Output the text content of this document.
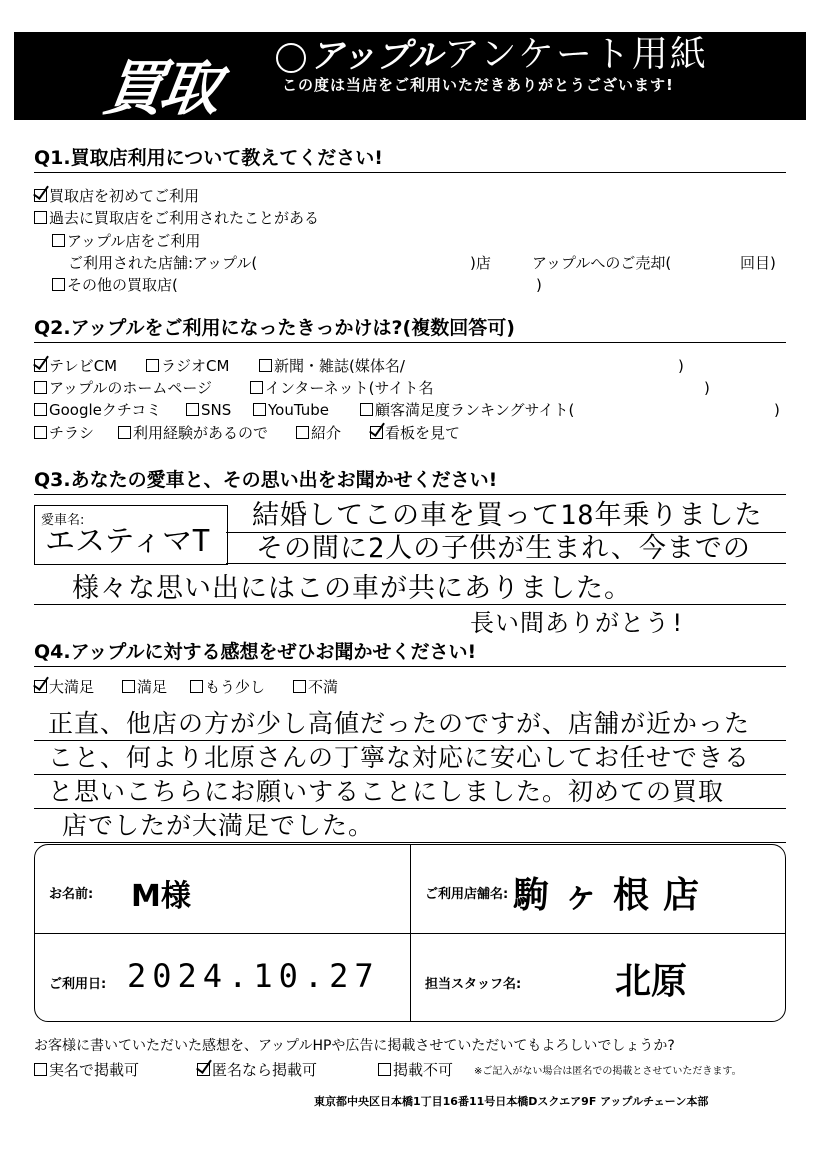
買取	アップル アンケート用紙
この度は当店をご利用いただきありがとうございます!
Q1.買取店利用について教えてください!
買取店を初めてご利用
過去に買取店をご利用されたことがある
アップル店をご利用
ご利用された店舗:アップル(	)店	アップルへのご売却(	回目)
その他の買取店(	)
Q2.アップルをご利用になったきっかけは?(複数回答可)
テレビCM	ラジオCM	新聞・雑誌(媒体名/	)
アップルのホームページ	インターネット(サイト名	)
Googleクチコミ	SNS	YouTube	顧客満足度ランキングサイト(	)
チラシ	利用経験があるので	紹介	看板を見て
Q3.あなたの愛車と、その思い出をお聞かせください!
愛車名:
エスティマT
結婚してこの車を買って18年乗りました
その間に2人の子供が生まれ、今までの
様々な思い出にはこの車が共にありました。
長い間ありがとう!
Q4.アップルに対する感想をぜひお聞かせください!
大満足	満足	もう少し	不満
正直、他店の方が少し高値だったのですが、店舗が近かった
こと、何より北原さんの丁寧な対応に安心してお任せできる
と思いこちらにお願いすることにしました。初めての買取
店でしたが大満足でした。
お名前: M様	ご利用店舗名: 駒ヶ根店
ご利用日: 2024.10.27	担当スタッフ名:	北原
お客様に書いていただいた感想を、アップルHPや広告に掲載させていただいてもよろしいでしょうか?
実名で掲載可	匿名なら掲載可	掲載不可 ※ご記入がない場合は匿名での掲載とさせていただきます。
東京都中央区日本橋1丁目16番11号日本橋Dスクエア9F アップルチェーン本部
